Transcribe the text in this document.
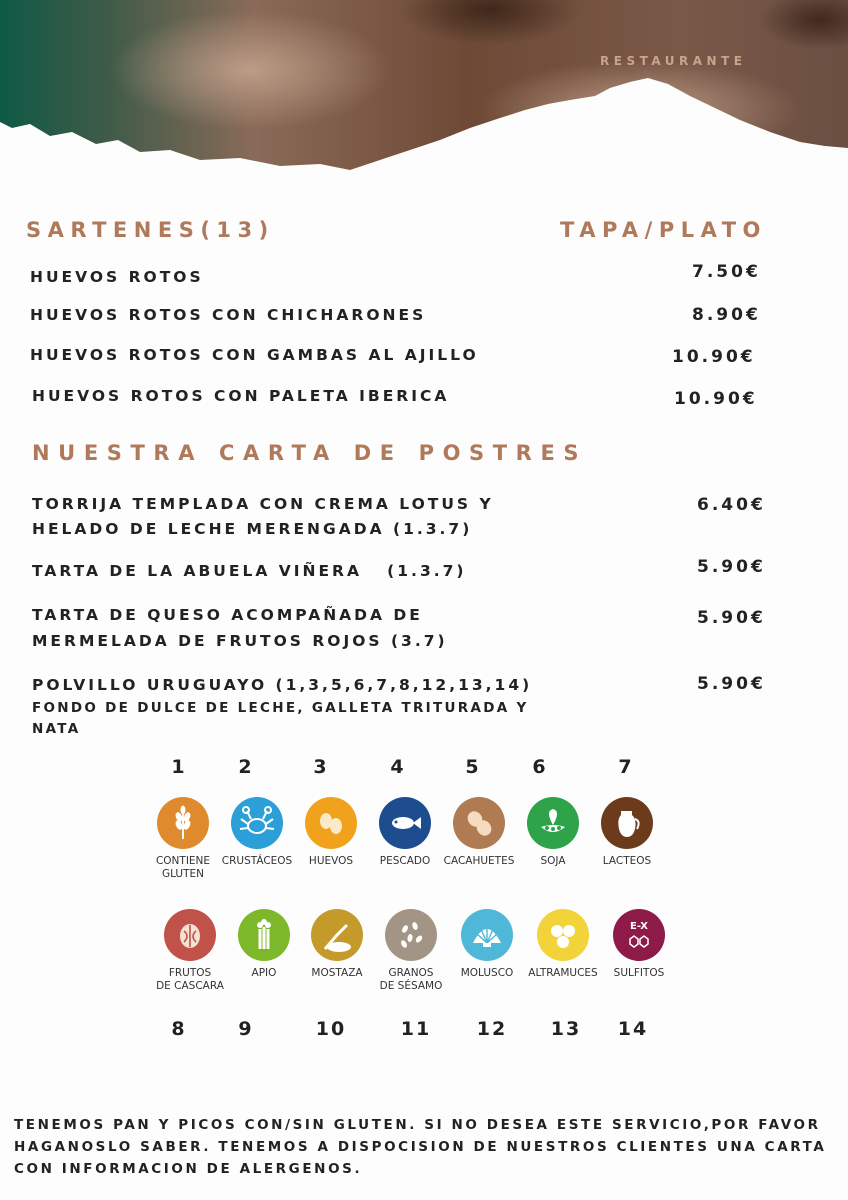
RESTAURANTE
SARTENES(13)	TAPA/PLATO
HUEVOS ROTOS	7.50€
HUEVOS ROTOS CON CHICHARONES	8.90€
HUEVOS ROTOS CON GAMBAS AL AJILLO	10.90€
HUEVOS ROTOS CON PALETA IBERICA	10.90€
NUESTRA CARTA DE POSTRES
TORRIJA TEMPLADA CON CREMA LOTUS Y
HELADO DE LECHE MERENGADA (1.3.7)
6.40€
TARTA DE LA ABUELA VIÑERA   (1.3.7)	5.90€
TARTA DE QUESO ACOMPAÑADA DE
MERMELADA DE FRUTOS ROJOS (3.7)
5.90€
POLVILLO URUGUAYO (1,3,5,6,7,8,12,13,14)
FONDO DE DULCE DE LECHE, GALLETA TRITURADA Y
NATA
5.90€
1	2	3	4	5	6	7
CONTIENE
GLUTEN
CRUSTÁCEOS	HUEVOS	PESCADO	CACAHUETES	SOJA	LACTEOS
FRUTOS
DE CASCARA
APIO	MOSTAZA	GRANOS
DE SÉSAMO
MOLUSCO	ALTRAMUCES
E-X
SULFITOS
8	9	10	11 12 13 14
TENEMOS PAN Y PICOS CON/SIN GLUTEN. SI NO DESEA ESTE SERVICIO,POR FAVOR
HAGANOSLO SABER. TENEMOS A DISPOCISION DE NUESTROS CLIENTES UNA CARTA
CON INFORMACION DE ALERGENOS.
